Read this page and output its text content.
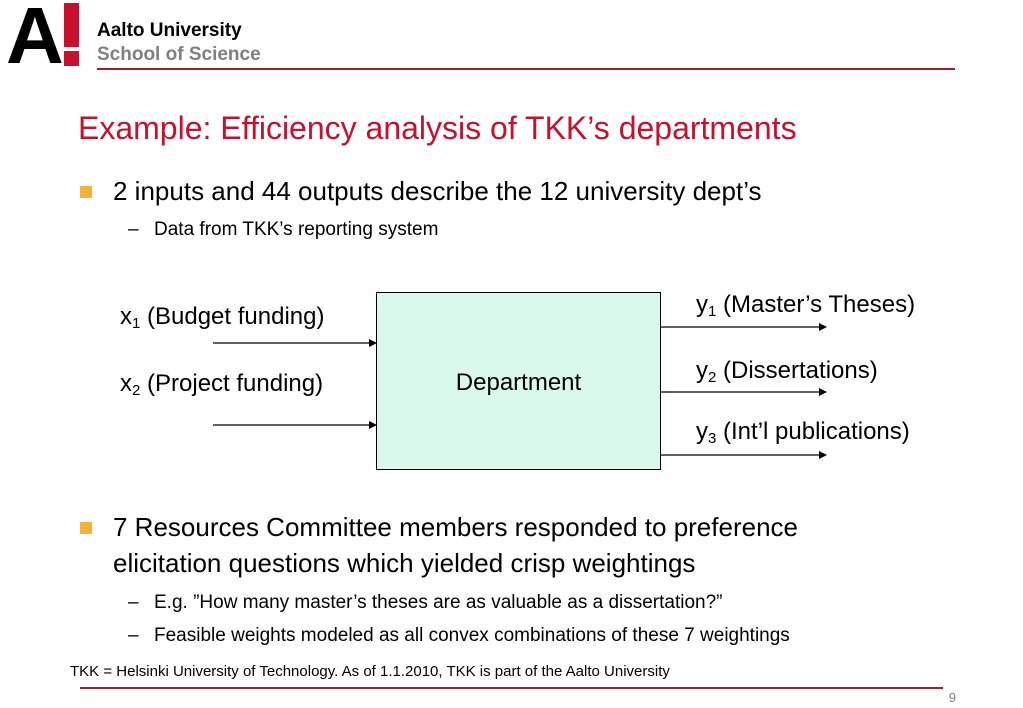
A Aalto University
School of Science
Example: Efficiency analysis of TKK’s departments
2 inputs and 44 outputs describe the 12 university dept’s
– Data from TKK’s reporting system
Department
$x_1$ (Budget funding)
$x_2$ (Project funding)
$y_1$ (Master’s Theses)
$y_2$ (Dissertations)
$y_3$ (Int’l publications)
7 Resources Committee members responded to preference
elicitation questions which yielded crisp weightings
– E.g. ”How many master’s theses are as valuable as a dissertation?”
– Feasible weights modeled as all convex combinations of these 7 weightings
TKK = Helsinki University of Technology. As of 1.1.2010, TKK is part of the Aalto University
9
